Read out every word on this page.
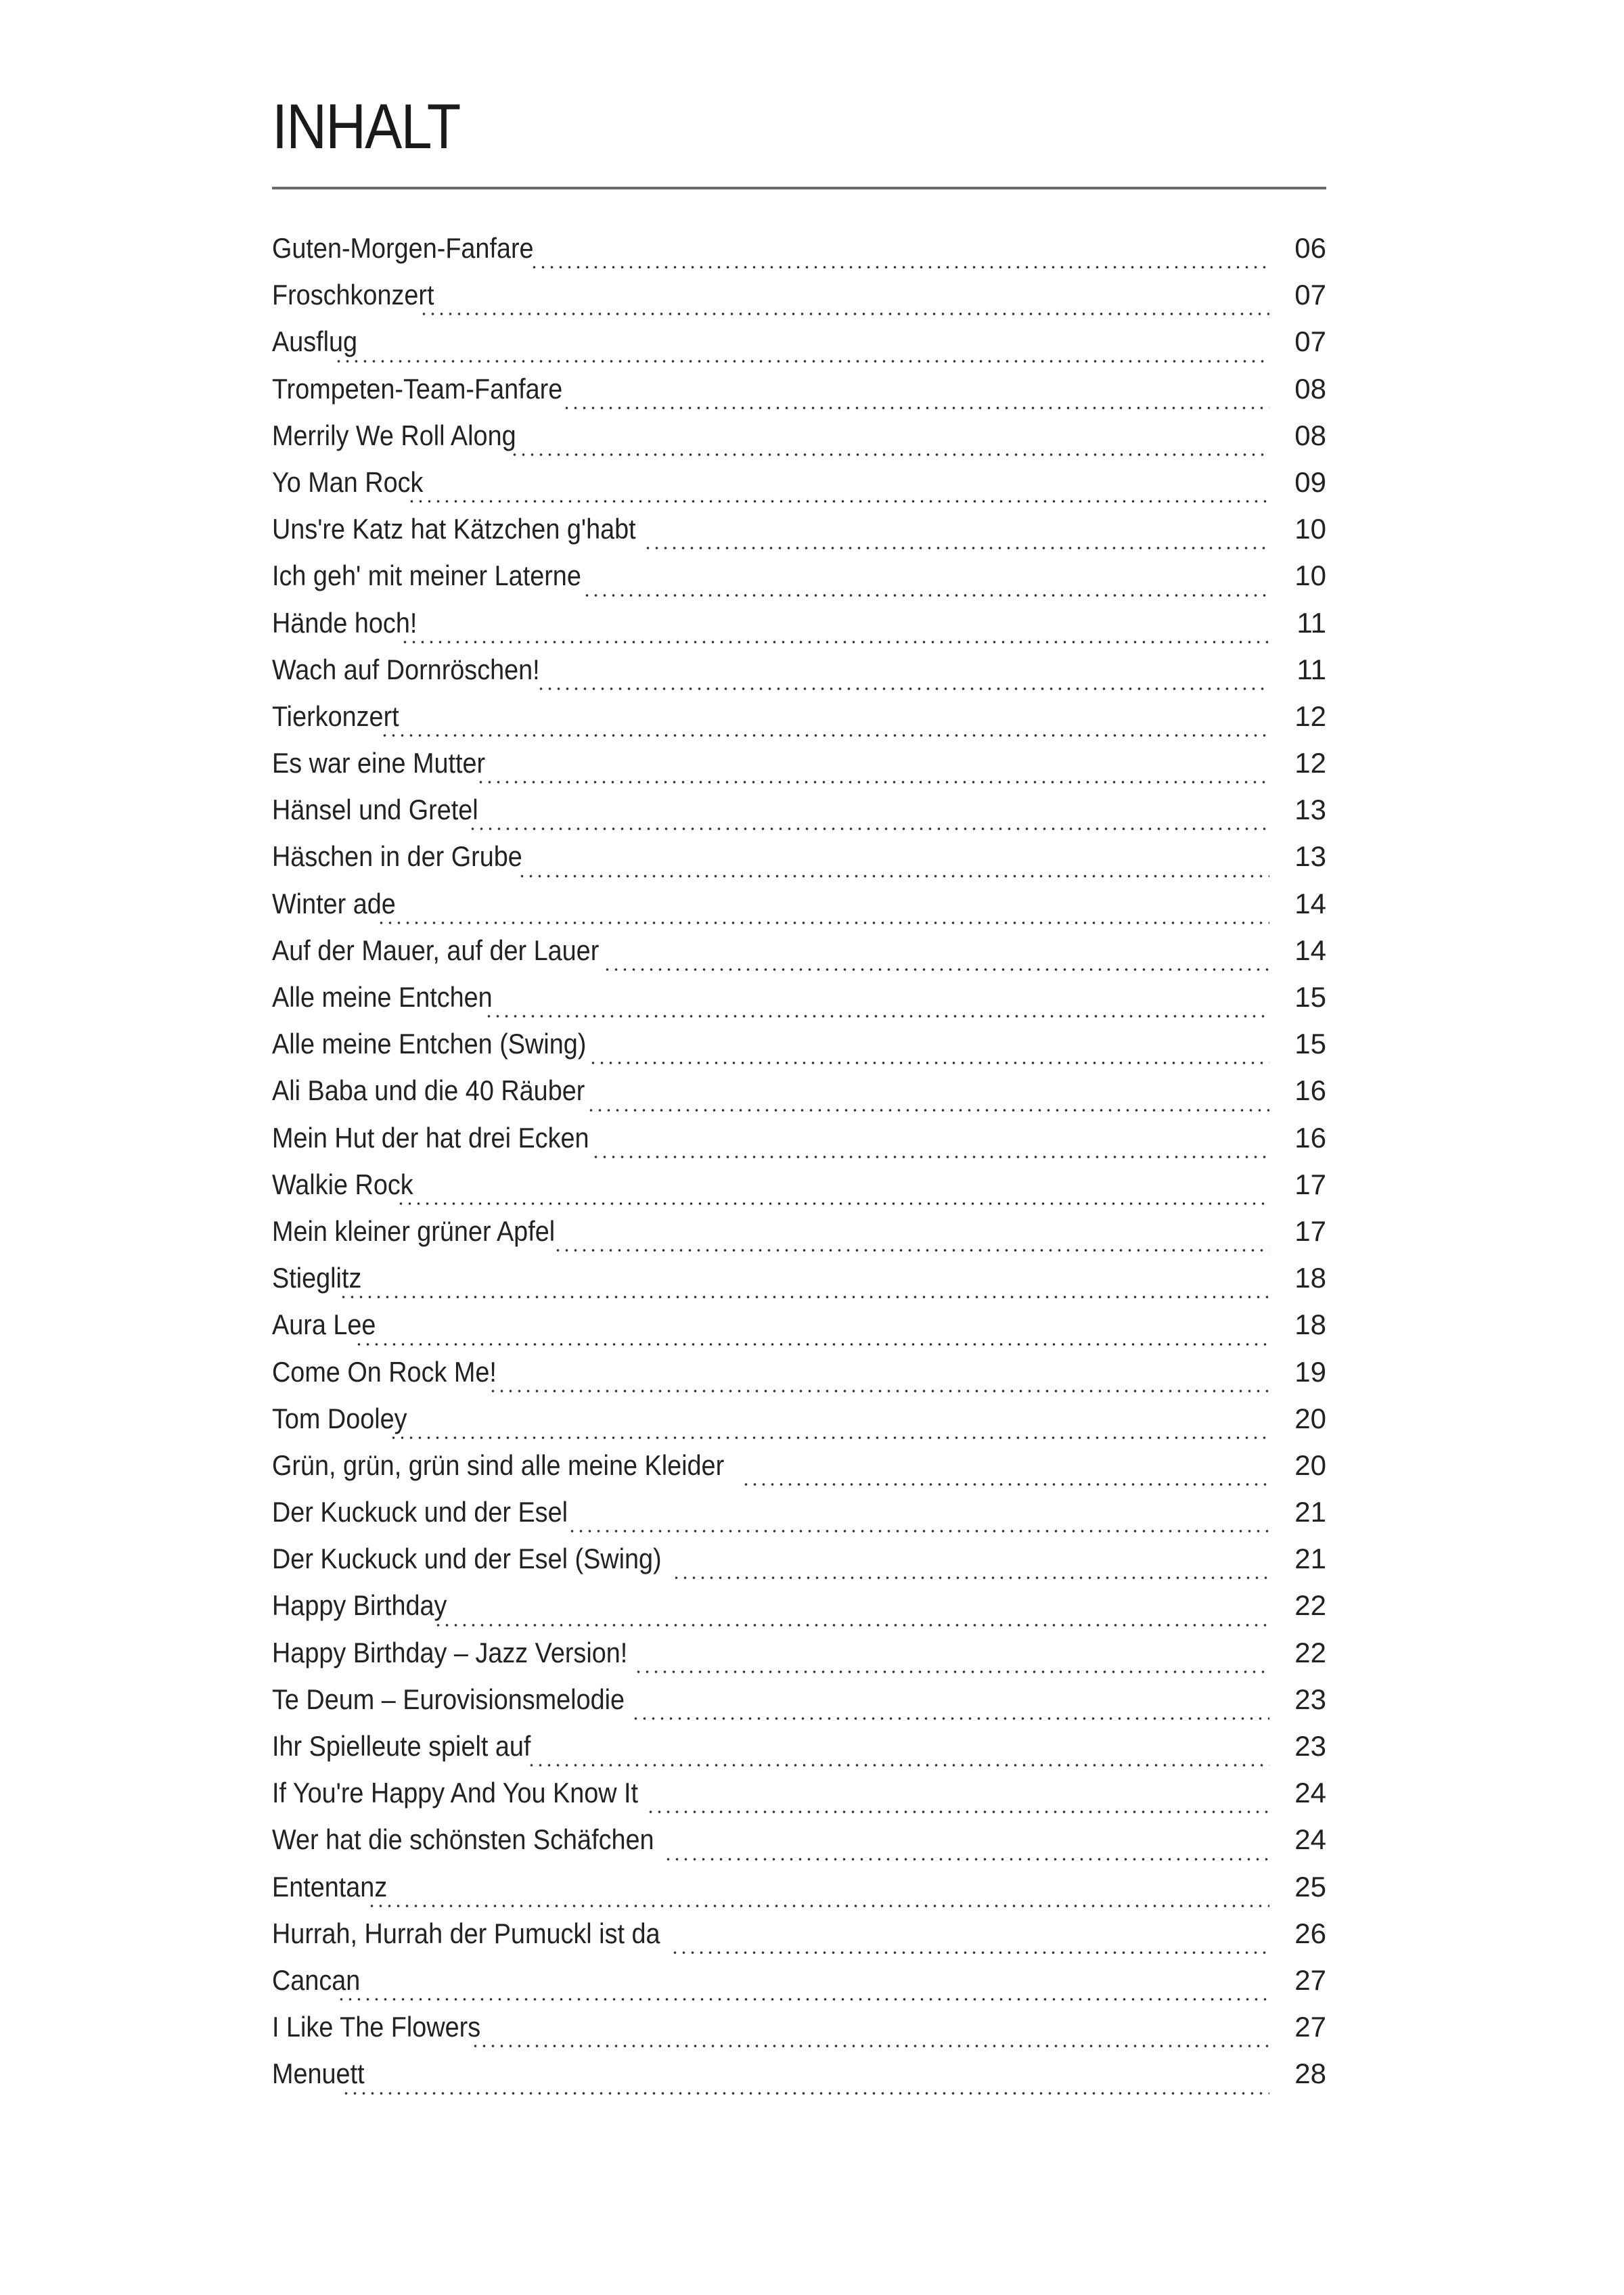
INHALT
Guten-Morgen-Fanfare	06
Froschkonzert	07
Ausflug	07
Trompeten-Team-Fanfare	08
Merrily We Roll Along	08
Yo Man Rock	09
Uns're Katz hat Kätzchen g'habt	10
Ich geh' mit meiner Laterne	10
Hände hoch!	11
Wach auf Dornröschen!	11
Tierkonzert	12
Es war eine Mutter	12
Hänsel und Gretel	13
Häschen in der Grube	13
Winter ade	14
Auf der Mauer, auf der Lauer	14
Alle meine Entchen	15
Alle meine Entchen (Swing)	15
Ali Baba und die 40 Räuber	16
Mein Hut der hat drei Ecken	16
Walkie Rock	17
Mein kleiner grüner Apfel	17
Stieglitz	18
Aura Lee	18
Come On Rock Me!	19
Tom Dooley	20
Grün, grün, grün sind alle meine Kleider	20
Der Kuckuck und der Esel	21
Der Kuckuck und der Esel (Swing)	21
Happy Birthday	22
Happy Birthday – Jazz Version!	22
Te Deum – Eurovisionsmelodie	23
Ihr Spielleute spielt auf	23
If You're Happy And You Know It	24
Wer hat die schönsten Schäfchen	24
Ententanz	25
Hurrah, Hurrah der Pumuckl ist da	26
Cancan	27
I Like The Flowers	27
Menuett	28
